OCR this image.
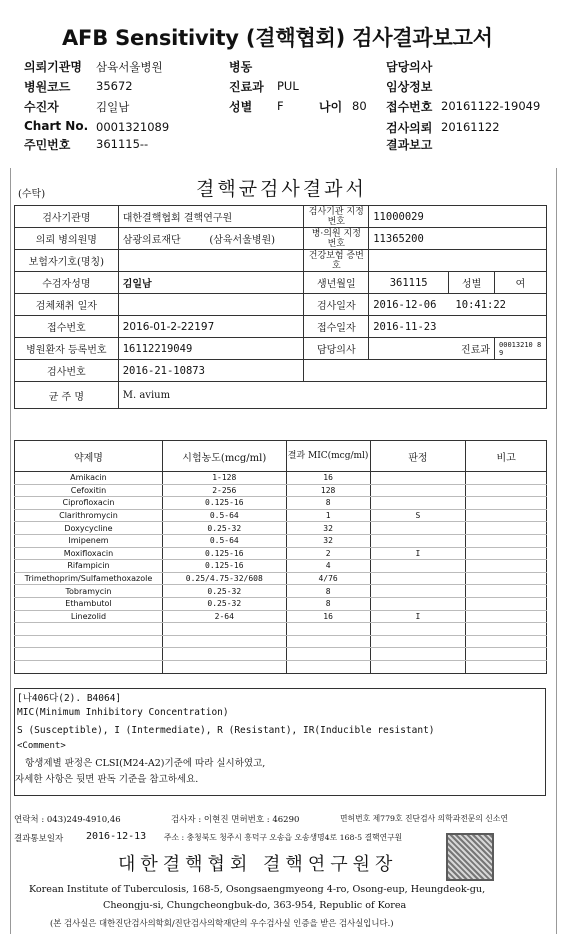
AFB Sensitivity (결핵협회) 검사결과보고서
의뢰기관명 삼육서울병원	병동	담당의사
병원코드 35672	진료과 PUL	임상정보
수진자	김일남	성별 F	나이 80 접수번호 20161122-19049
Chart No. 0001321089	검사의뢰 20161122
주민번호 361115--	결과보고
(수탁)	결핵균검사결과서
검사기관명	대한결핵협회 결핵연구원	검사기관 지정번호	11000029		
의뢰 병의원명	삼광의료재단 (삼육서울병원)	병·의원 지정번호	11365200		
보험자기호(명칭)		건강보험 증번호			
수검자성명	김일남	생년월일	361115	성별	여
검체채취 일자		검사일자	2016-12-06 10:41:22		
접수번호	2016-01-2-22197	접수일자	2016-11-23		
병원환자 등록번호	16112219049	담당의사	진료과		00013210 89
검사번호	2016-21-10873				
균 주 명	M. avium				
약제명	시험농도(mcg/ml)	결과 MIC(mcg/ml)	판정	비고
Amikacin	1-128	16		
Cefoxitin	2-256	128		
Ciprofloxacin	0.125-16	8		
Clarithromycin	0.5-64	1	S	
Doxycycline	0.25-32	32		
Imipenem	0.5-64	32		
Moxifloxacin	0.125-16	2	I	
Rifampicin	0.125-16	4		
Trimethoprim/Sulfamethoxazole	0.25/4.75-32/608	4/76		
Tobramycin	0.25-32	8		
Ethambutol	0.25-32	8		
Linezolid	2-64	16	I	

[나406다(2). B4064]
MIC(Minimum Inhibitory Concentration)
S (Susceptible), I (Intermediate), R (Resistant), IR(Inducible resistant)
<Comment>
항생제별 판정은 CLSI(M24-A2)기준에 따라 실시하였고,
자세한 사항은 뒷면 판독 기준을 참고하세요.
연락처 : 043)249-4910,46	검사자 : 이현진 면허번호 : 46290	면허번호 제779호 진단검사 의학과전문의 신소연
결과통보일자 2016-12-13 주소 : 충청북도 청주시 흥덕구 오송읍 오송생명4로 168-5 결핵연구원
대한결핵협회 결핵연구원장
Korean Institute of Tuberculosis, 168-5, Osongsaengmyeong 4-ro, Osong-eup, Heungdeok-gu,
Cheongju-si, Chungcheongbuk-do, 363-954, Republic of Korea
(본 검사실은 대한진단검사의학회/진단검사의학재단의 우수검사실 인증을 받은 검사실입니다.)
